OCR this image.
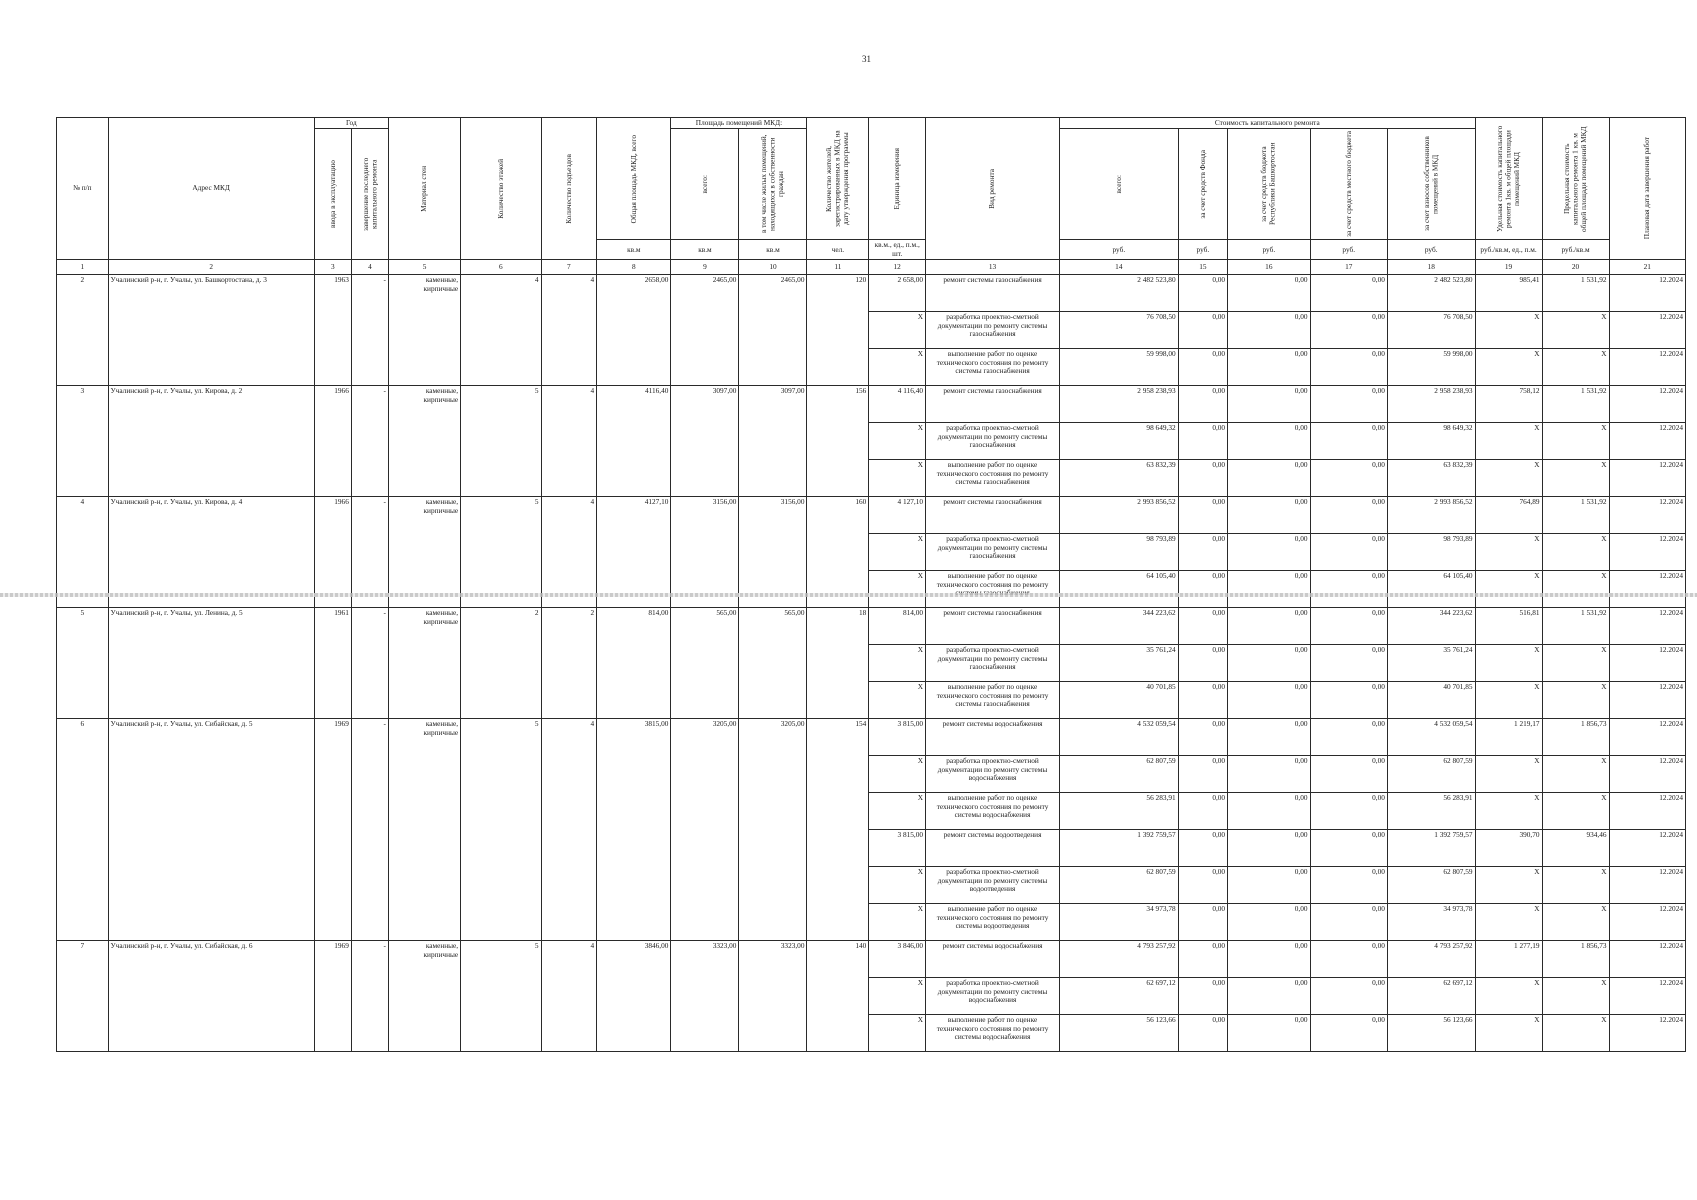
31
№ п/п	Адрес МКД	Год		Материал стен	Количество этажей	Количество подъездов	Общая площадь МКД, всего	Площадь помещений МКД:		Количество жителей, зарегистрированных в МКД на дату утверждения программы	Единица измерения	Вид ремонта	Стоимость капитального ремонта					Удельная стоимость капитального ремонта 1кв. м общей площади помещений МКД	Предельная стоимость капитального ремонта 1 кв. м общей площади помещений МКД	Плановая дата завершения работ

		ввода в эксплуатацию	завершение последнего капитального ремонта					всего:	в том числе жилых помещений, находящихся в собственности граждан				всего:	за счет средств Фонда	за счет средств бюджета Республики Башкортостан	за счет средств местного бюджета	за счет взносов собственников помещений в МКД			

							кв.м	кв.м	кв.м	чел.	кв.м., ед., п.м., шт.		руб.	руб.	руб.	руб.	руб.	руб./кв.м, ед., п.м.	руб./кв.м	
1	2	3	4	5	6	7	8	9	10	11	12	13	14	15	16	17	18	19	20	21
2	Учалинский р-н, г. Учалы, ул. Башкортостана, д. 3	1963	-	каменные, кирпичные	4	4	2658,00	2465,00	2465,00	120	2 658,00	ремонт системы газоснабжения	2 482 523,80	0,00	0,00	0,00	2 482 523,80	985,41	1 531,92	12.2024
											X	разработка проектно-сметной документации по ремонту системы газоснабжения	76 708,50	0,00	0,00	0,00	76 708,50	X	X	12.2024
											X	выполнение работ по оценке технического состояния по ремонту системы газоснабжения	59 998,00	0,00	0,00	0,00	59 998,00	X	X	12.2024
3	Учалинский р-н, г. Учалы, ул. Кирова, д. 2	1966	-	каменные, кирпичные	5	4	4116,40	3097,00	3097,00	156	4 116,40	ремонт системы газоснабжения	2 958 238,93	0,00	0,00	0,00	2 958 238,93	758,12	1 531,92	12.2024
											X	разработка проектно-сметной документации по ремонту системы газоснабжения	98 649,32	0,00	0,00	0,00	98 649,32	X	X	12.2024
											X	выполнение работ по оценке технического состояния по ремонту системы газоснабжения	63 832,39	0,00	0,00	0,00	63 832,39	X	X	12.2024
4	Учалинский р-н, г. Учалы, ул. Кирова, д. 4	1966	-	каменные, кирпичные	5	4	4127,10	3156,00	3156,00	160	4 127,10	ремонт системы газоснабжения	2 993 856,52	0,00	0,00	0,00	2 993 856,52	764,89	1 531,92	12.2024
											X	разработка проектно-сметной документации по ремонту системы газоснабжения	98 793,89	0,00	0,00	0,00	98 793,89	X	X	12.2024
											X	выполнение работ по оценке технического состояния по ремонту	64 105,40	0,00	0,00	0,00	64 105,40	X	X	12.2024
5	Учалинский р-н, г. Учалы, ул. Ленина, д. 5	1961	-	каменные, кирпичные	2	2	814,00	565,00	565,00	18	814,00	ремонт системы газоснабжения	344 223,62	0,00	0,00	0,00	344 223,62	516,81	1 531,92	12.2024
											X	разработка проектно-сметной документации по ремонту системы газоснабжения	35 761,24	0,00	0,00	0,00	35 761,24	X	X	12.2024
											X	выполнение работ по оценке технического состояния по ремонту системы газоснабжения	40 701,85	0,00	0,00	0,00	40 701,85	X	X	12.2024
6	Учалинский р-н, г. Учалы, ул. Сибайская, д. 5	1969	-	каменные, кирпичные	5	4	3815,00	3205,00	3205,00	154	3 815,00	ремонт системы водоснабжения	4 532 059,54	0,00	0,00	0,00	4 532 059,54	1 219,17	1 856,73	12.2024
											X	разработка проектно-сметной документации по ремонту системы водоснабжения	62 807,59	0,00	0,00	0,00	62 807,59	X	X	12.2024
											X	выполнение работ по оценке технического состояния по ремонту системы водоснабжения	56 283,91	0,00	0,00	0,00	56 283,91	X	X	12.2024
											3 815,00	ремонт системы водоотведения	1 392 759,57	0,00	0,00	0,00	1 392 759,57	390,70	934,46	12.2024
											X	разработка проектно-сметной документации по ремонту системы водоотведения	62 807,59	0,00	0,00	0,00	62 807,59	X	X	12.2024
											X	выполнение работ по оценке технического состояния по ремонту системы водоотведения	34 973,78	0,00	0,00	0,00	34 973,78	X	X	12.2024
7	Учалинский р-н, г. Учалы, ул. Сибайская, д. 6	1969	-	каменные, кирпичные	5	4	3846,00	3323,00	3323,00	140	3 846,00	ремонт системы водоснабжения	4 793 257,92	0,00	0,00	0,00	4 793 257,92	1 277,19	1 856,73	12.2024
											X	разработка проектно-сметной документации по ремонту системы водоснабжения	62 697,12	0,00	0,00	0,00	62 697,12	X	X	12.2024
											X	выполнение работ по оценке технического состояния по ремонту системы водоснабжения	56 123,66	0,00	0,00	0,00	56 123,66	X	X	12.2024
